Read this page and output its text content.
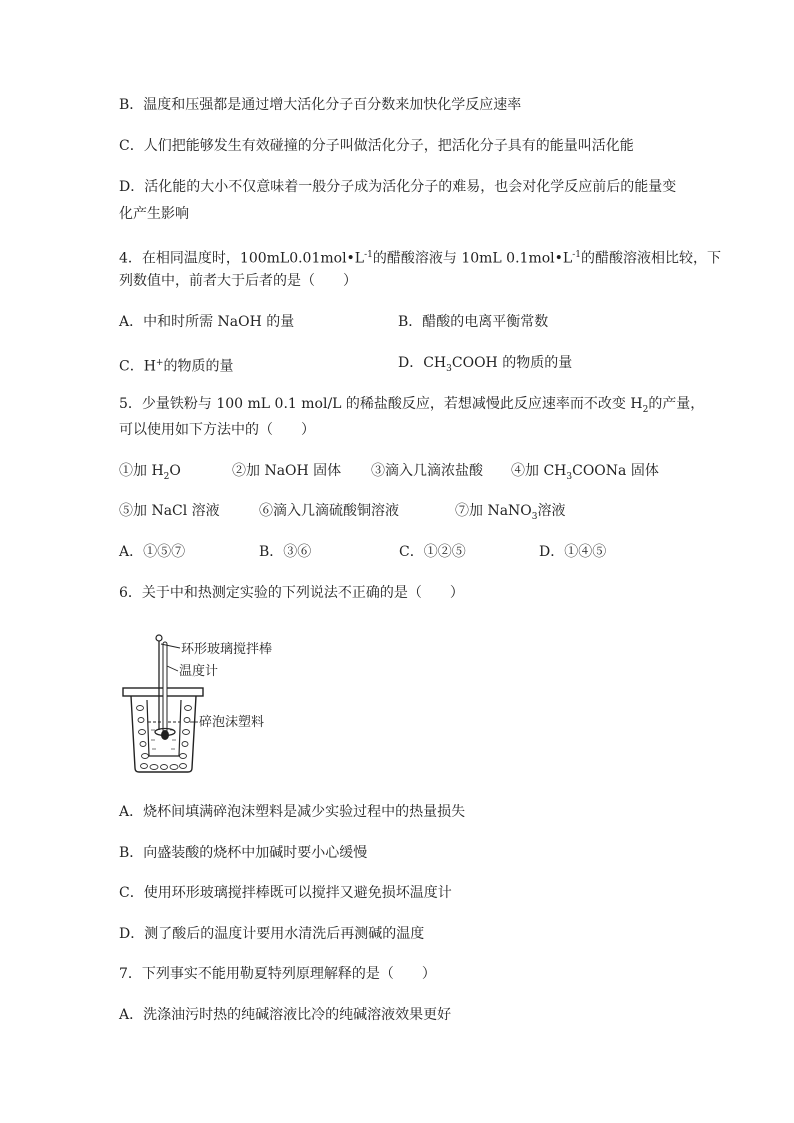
B．温度和压强都是通过增大活化分子百分数来加快化学反应速率
C．人们把能够发生有效碰撞的分子叫做活化分子，把活化分子具有的能量叫活化能
D．活化能的大小不仅意味着一般分子成为活化分子的难易，也会对化学反应前后的能量变
化产生影响
4．在相同温度时，$100mL0.01mol•L^{-1}$的醋酸溶液与 10mL $0.1mol•L^{-1}$的醋酸溶液相比较，下
列数值中，前者大于后者的是（　　）
A．中和时所需 NaOH 的量	B．醋酸的电离平衡常数
C．H+的物质的量	D．$CH_3COOH$ 的物质的量
5．少量铁粉与 100 mL 0.1 mol/L 的稀盐酸反应，若想减慢此反应速率而不改变 $H_2$的产量，
可以使用如下方法中的（　　）
①加 $H_2O$	②加 NaOH 固体 ③滴入几滴浓盐酸 ④加 $CH_3COONa$ 固体
⑤加 NaCl 溶液	⑥滴入几滴硫酸铜溶液	⑦加 NaNO$_3$溶液
A．①⑤⑦	B．③⑥	C．①②⑤	D．①④⑤
6．关于中和热测定实验的下列说法不正确的是（　　）
环形玻璃搅拌棒
温度计
碎泡沫塑料
A．烧杯间填满碎泡沫塑料是减少实验过程中的热量损失
B．向盛装酸的烧杯中加碱时要小心缓慢
C．使用环形玻璃搅拌棒既可以搅拌又避免损坏温度计
D．测了酸后的温度计要用水清洗后再测碱的温度
7．下列事实不能用勒夏特列原理解释的是（　　）
A．洗涤油污时热的纯碱溶液比冷的纯碱溶液效果更好
